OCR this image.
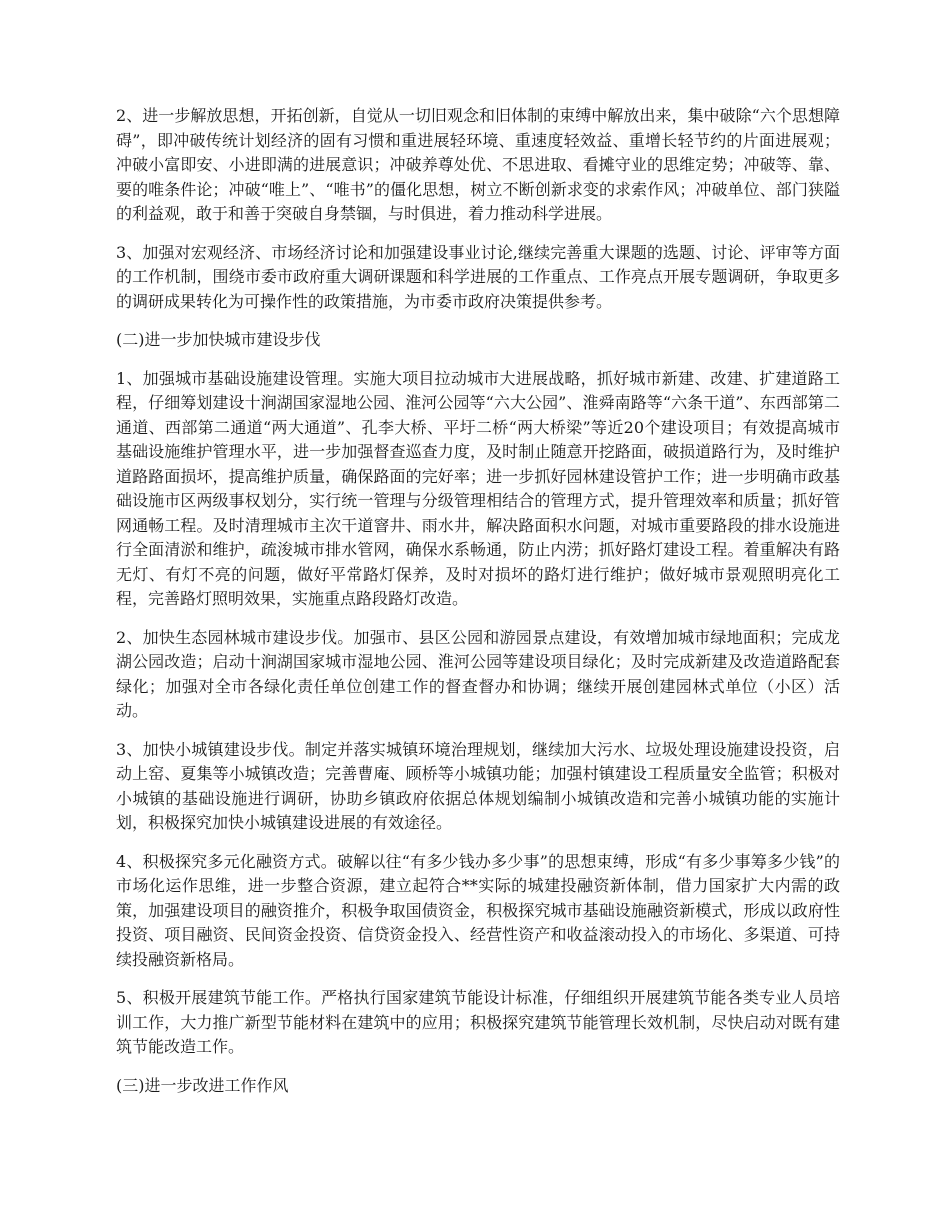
2、进一步解放思想，开拓创新，自觉从一切旧观念和旧体制的束缚中解放出来，集中破除“六个思想障碍”，即冲破传统计划经济的固有习惯和重进展轻环境、重速度轻效益、重增长轻节约的片面进展观；冲破小富即安、小进即满的进展意识；冲破养尊处优、不思进取、看摊守业的思维定势；冲破等、靠、要的唯条件论；冲破“唯上”、“唯书”的僵化思想，树立不断创新求变的求索作风；冲破单位、部门狭隘的利益观，敢于和善于突破自身禁锢，与时俱进，着力推动科学进展。

3、加强对宏观经济、市场经济讨论和加强建设事业讨论,继续完善重大课题的选题、讨论、评审等方面的工作机制，围绕市委市政府重大调研课题和科学进展的工作重点、工作亮点开展专题调研，争取更多的调研成果转化为可操作性的政策措施，为市委市政府决策提供参考。

(二)进一步加快城市建设步伐

1、加强城市基础设施建设管理。实施大项目拉动城市大进展战略，抓好城市新建、改建、扩建道路工程，仔细筹划建设十涧湖国家湿地公园、淮河公园等“六大公园”、淮舜南路等“六条干道”、东西部第二通道、西部第二通道“两大通道”、孔李大桥、平圩二桥“两大桥梁”等近20个建设项目；有效提高城市基础设施维护管理水平，进一步加强督查巡查力度，及时制止随意开挖路面，破损道路行为，及时维护道路路面损坏，提高维护质量，确保路面的完好率；进一步抓好园林建设管护工作；进一步明确市政基础设施市区两级事权划分，实行统一管理与分级管理相结合的管理方式，提升管理效率和质量；抓好管网通畅工程。及时清理城市主次干道窨井、雨水井，解决路面积水问题，对城市重要路段的排水设施进行全面清淤和维护，疏浚城市排水管网，确保水系畅通，防止内涝；抓好路灯建设工程。着重解决有路无灯、有灯不亮的问题，做好平常路灯保养，及时对损坏的路灯进行维护；做好城市景观照明亮化工程，完善路灯照明效果，实施重点路段路灯改造。

2、加快生态园林城市建设步伐。加强市、县区公园和游园景点建设，有效增加城市绿地面积；完成龙湖公园改造；启动十涧湖国家城市湿地公园、淮河公园等建设项目绿化；及时完成新建及改造道路配套绿化；加强对全市各绿化责任单位创建工作的督查督办和协调；继续开展创建园林式单位（小区）活动。

3、加快小城镇建设步伐。制定并落实城镇环境治理规划，继续加大污水、垃圾处理设施建设投资，启动上窑、夏集等小城镇改造；完善曹庵、顾桥等小城镇功能；加强村镇建设工程质量安全监管；积极对小城镇的基础设施进行调研，协助乡镇政府依据总体规划编制小城镇改造和完善小城镇功能的实施计划，积极探究加快小城镇建设进展的有效途径。

4、积极探究多元化融资方式。破解以往“有多少钱办多少事”的思想束缚，形成“有多少事筹多少钱”的市场化运作思维，进一步整合资源，建立起符合**实际的城建投融资新体制，借力国家扩大内需的政策，加强建设项目的融资推介，积极争取国债资金，积极探究城市基础设施融资新模式，形成以政府性投资、项目融资、民间资金投资、信贷资金投入、经营性资产和收益滚动投入的市场化、多渠道、可持续投融资新格局。

5、积极开展建筑节能工作。严格执行国家建筑节能设计标准，仔细组织开展建筑节能各类专业人员培训工作，大力推广新型节能材料在建筑中的应用；积极探究建筑节能管理长效机制，尽快启动对既有建筑节能改造工作。

(三)进一步改进工作作风
